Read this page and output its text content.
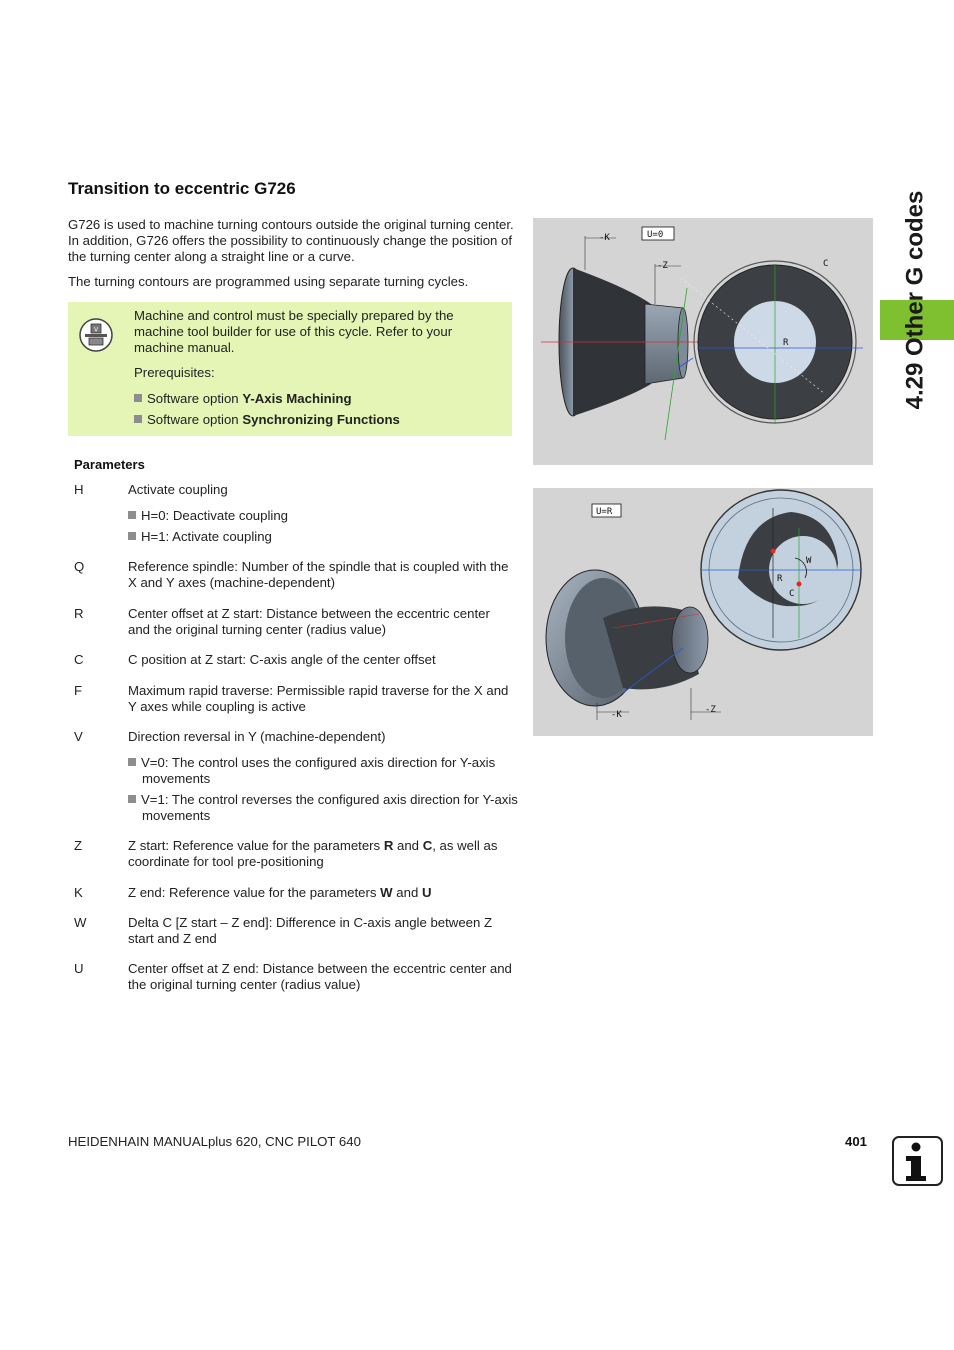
Transition to eccentric G726
G726 is used to machine turning contours outside the original turning center. In addition, G726 offers the possibility to continuously change the position of the turning center along a straight line or a curve.
The turning contours are programmed using separate turning cycles.
V
Machine and control must be specially prepared by the machine tool builder for use of this cycle. Refer to your machine manual.
Prerequisites:
Software option Y-Axis Machining
Software option Synchronizing Functions
Parameters
H	Activate coupling
H=0: Deactivate coupling
H=1: Activate coupling
Q	Reference spindle: Number of the spindle that is coupled with the X and Y axes (machine-dependent)
R	Center offset at Z start: Distance between the eccentric center and the original turning center (radius value)
C	C position at Z start: C-axis angle of the center offset
F	Maximum rapid traverse: Permissible rapid traverse for the X and Y axes while coupling is active
V	Direction reversal in Y (machine-dependent)
V=0: The control uses the configured axis direction for Y-axis movements
V=1: The control reverses the configured axis direction for Y-axis movements
Z	Z start: Reference value for the parameters R and C, as well as coordinate for tool pre-positioning
K	Z end: Reference value for the parameters W and U
W	Delta C [Z start – Z end]: Difference in C-axis angle between Z start and Z end
U	Center offset at Z end: Distance between the eccentric center and the original turning center (radius value)
4.29 Other G codes
-K
-Z
U=0
C
R
U=R
-K	-Z
W
R
C
HEIDENHAIN MANUALplus 620, CNC PILOT 640	401
